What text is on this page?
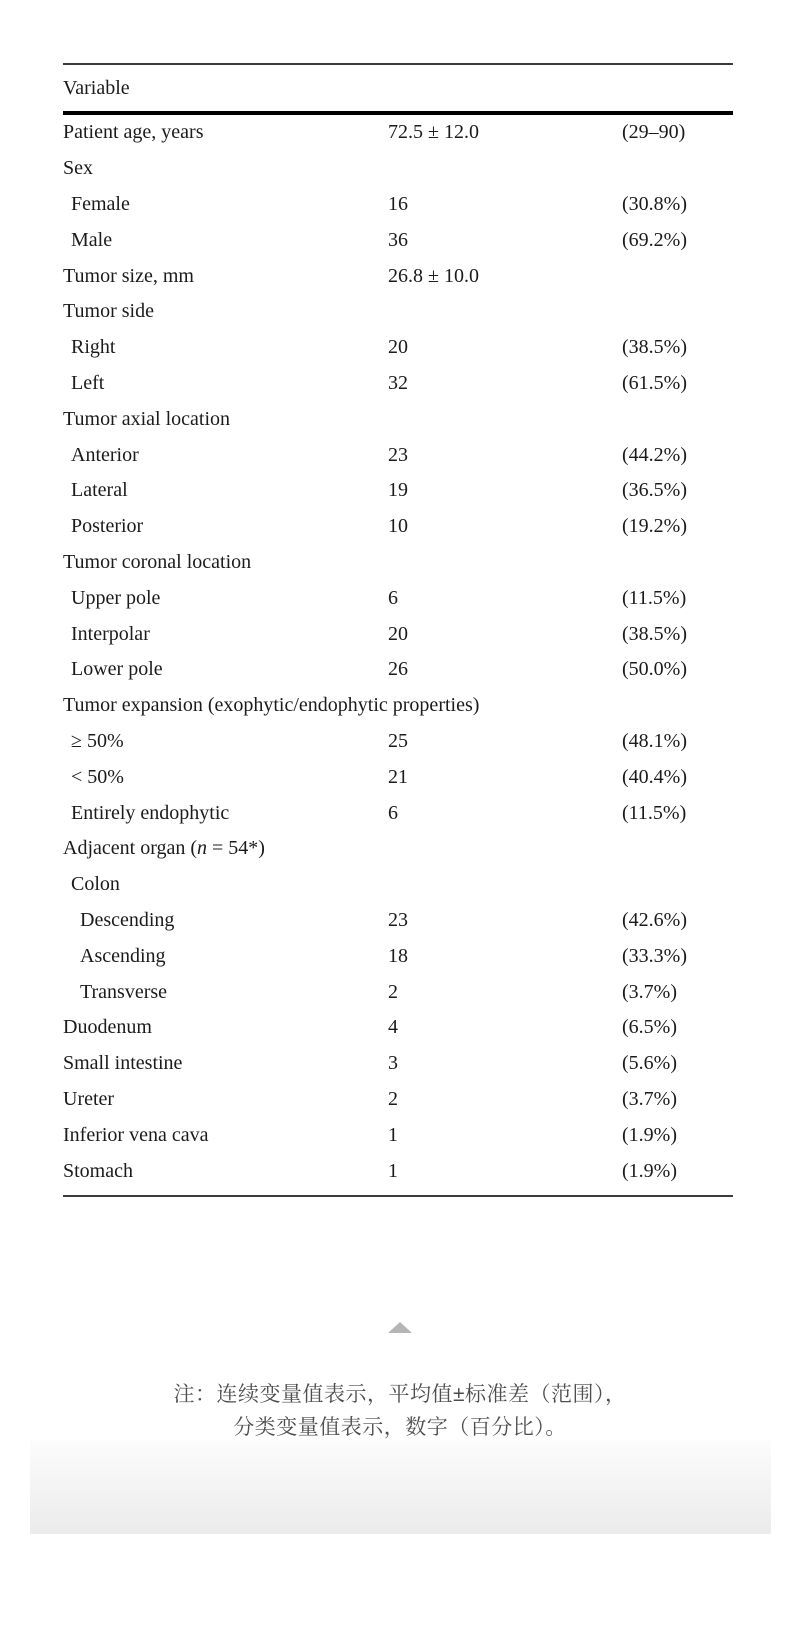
Variable
Patient age, years	72.5 ± 12.0	(29–90)
Sex
Female	16	(30.8%)
Male	36	(69.2%)
Tumor size, mm	26.8 ± 10.0
Tumor side
Right	20	(38.5%)
Left	32	(61.5%)
Tumor axial location
Anterior	23	(44.2%)
Lateral	19	(36.5%)
Posterior	10	(19.2%)
Tumor coronal location
Upper pole	6	(11.5%)
Interpolar	20	(38.5%)
Lower pole	26	(50.0%)
Tumor expansion (exophytic/endophytic properties)
≥ 50%	25	(48.1%)
< 50%	21	(40.4%)
Entirely endophytic	6	(11.5%)
Adjacent organ (n = 54*)
Colon
Descending	23	(42.6%)
Ascending	18	(33.3%)
Transverse	2	(3.7%)
Duodenum	4	(6.5%)
Small intestine	3	(5.6%)
Ureter	2	(3.7%)
Inferior vena cava	1	(1.9%)
Stomach	1	(1.9%)
注：连续变量值表示，平均值±标准差（范围），
分类变量值表示，数字（百分比）。
